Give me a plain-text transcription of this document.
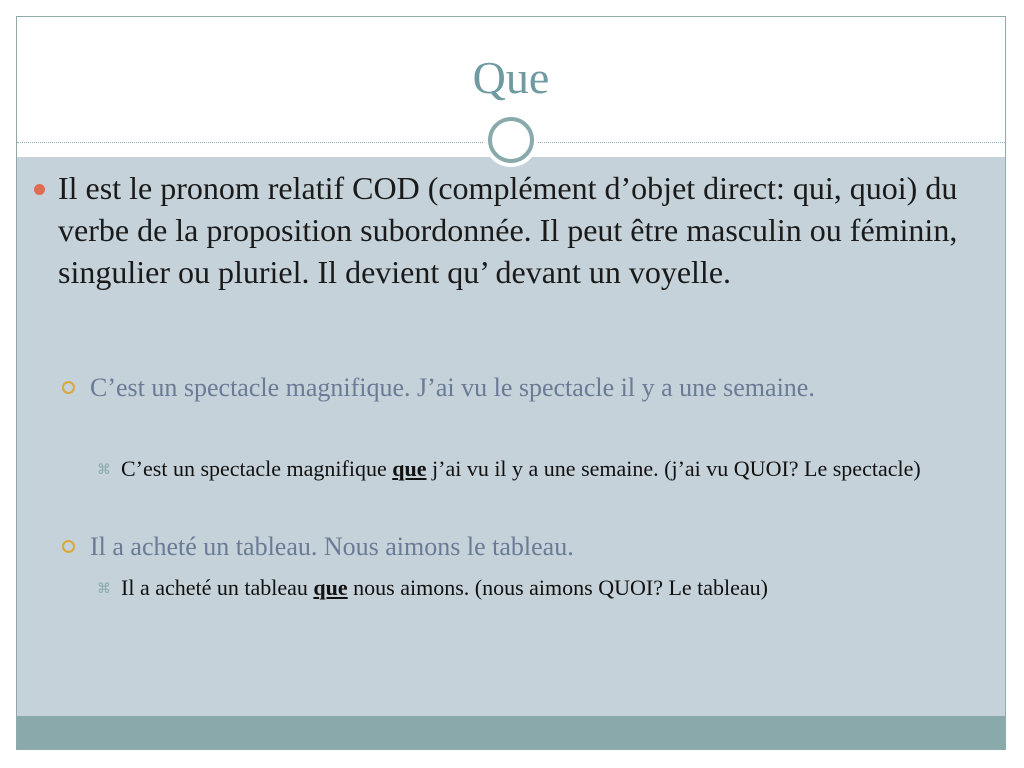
Que
Il est le pronom relatif COD (complément d’objet direct: qui, quoi) du verbe de la proposition subordonnée. Il peut être masculin ou féminin, singulier ou pluriel. Il devient qu’ devant un voyelle.
C’est un spectacle magnifique. J’ai vu le spectacle il y a une semaine.
⌘ C’est un spectacle magnifique que j’ai vu il y a une semaine. (j’ai vu QUOI? Le spectacle)
Il a acheté un tableau. Nous aimons le tableau.
⌘ Il a acheté un tableau que nous aimons. (nous aimons QUOI? Le tableau)
